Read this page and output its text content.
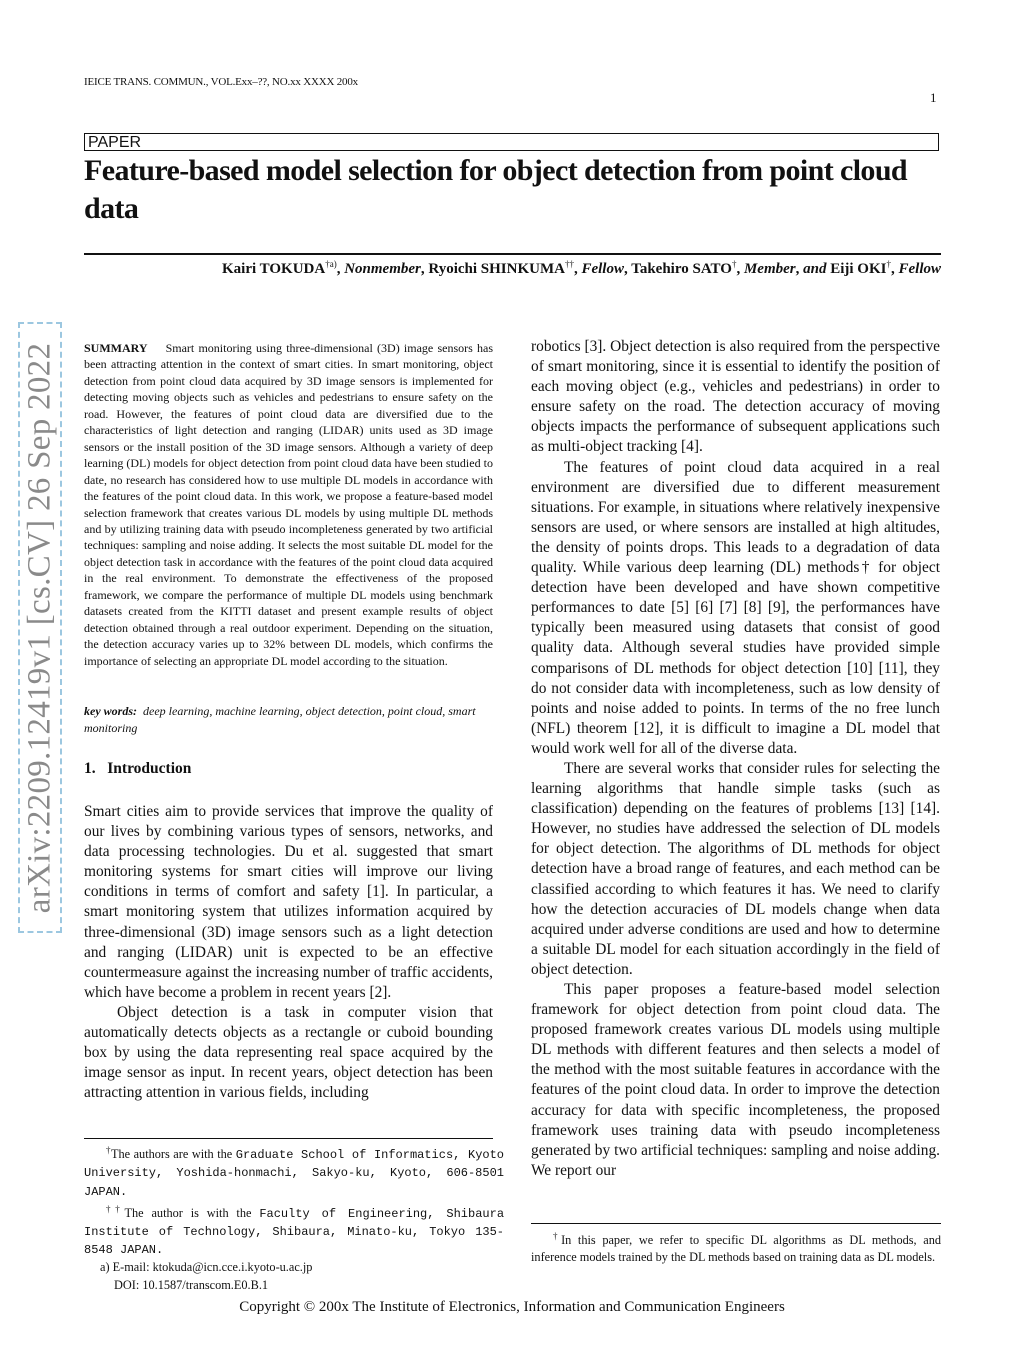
IEICE TRANS. COMMUN., VOL.Exx–??, NO.xx XXXX 200x
1
PAPER
Feature-based model selection for object detection from point cloud data
Kairi TOKUDA$^{\dagger a)}$, Nonmember, Ryoichi SHINKUMA††, Fellow, Takehiro SATO†, Member, and Eiji OKI†, Fellow
arXiv:2209.12419v1 [cs.CV] 26 Sep 2022 SUMMARY Smart monitoring using three-dimensional (3D) image sensors has been attracting attention in the context of smart cities. In smart monitoring, object detection from point cloud data acquired by 3D image sensors is implemented for detecting moving objects such as vehicles and pedestrians to ensure safety on the road. However, the features of point cloud data are diversified due to the characteristics of light detection and ranging (LIDAR) units used as 3D image sensors or the install position of the 3D image sensors. Although a variety of deep learning (DL) models for object detection from point cloud data have been studied to date, no research has considered how to use multiple DL models in accordance with the features of the point cloud data. In this work, we propose a feature-based model selection framework that creates various DL models by using multiple DL methods and by utilizing training data with pseudo incompleteness generated by two artificial techniques: sampling and noise adding. It selects the most suitable DL model for the object detection task in accordance with the features of the point cloud data acquired in the real environment. To demonstrate the effectiveness of the proposed framework, we compare the performance of multiple DL models using benchmark datasets created from the KITTI dataset and present example results of object detection obtained through a real outdoor experiment. Depending on the situation, the detection accuracy varies up to 32% between DL models, which confirms the importance of selecting an appropriate DL model according to the situation.
key words: deep learning, machine learning, object detection, point cloud, smart monitoring
1. Introduction

Smart cities aim to provide services that improve the quality of our lives by combining various types of sensors, networks, and data processing technologies. Du et al. suggested that smart monitoring systems for smart cities will improve our living conditions in terms of comfort and safety [1]. In particular, a smart monitoring system that utilizes information acquired by three-dimensional (3D) image sensors such as a light detection and ranging (LIDAR) unit is expected to be an effective countermeasure against the increasing number of traffic accidents, which have become a problem in recent years [2].

Object detection is a task in computer vision that automatically detects objects as a rectangle or cuboid bounding box by using the data representing real space acquired by the image sensor as input. In recent years, object detection has been attracting attention in various fields, including

†The authors are with the Graduate School of Informatics, Kyoto University, Yoshida-honmachi, Sakyo-ku, Kyoto, 606-8501 JAPAN.
††The author is with the Faculty of Engineering, Shibaura Institute of Technology, Shibaura, Minato-ku, Tokyo 135-8548 JAPAN.
a) E-mail: ktokuda@icn.cce.i.kyoto-u.ac.jp
DOI: 10.1587/transcom.E0.B.1

robotics [3]. Object detection is also required from the perspective of smart monitoring, since it is essential to identify the position of each moving object (e.g., vehicles and pedestrians) in order to ensure safety on the road. The detection accuracy of moving objects impacts the performance of subsequent applications such as multi-object tracking [4].

The features of point cloud data acquired in a real environment are diversified due to different measurement situations. For example, in situations where relatively inexpensive sensors are used, or where sensors are installed at high altitudes, the density of points drops. This leads to a degradation of data quality. While various deep learning (DL) methods† for object detection have been developed and have shown competitive performances to date [5] [6] [7] [8] [9], the performances have typically been measured using datasets that consist of good quality data. Although several studies have provided simple comparisons of DL methods for object detection [10] [11], they do not consider data with incompleteness, such as low density of points and noise added to points. In terms of the no free lunch (NFL) theorem [12], it is difficult to imagine a DL model that would work well for all of the diverse data.

There are several works that consider rules for selecting the learning algorithms that handle simple tasks (such as classification) depending on the features of problems [13] [14]. However, no studies have addressed the selection of DL models for object detection. The algorithms of DL methods for object detection have a broad range of features, and each method can be classified according to which features it has. We need to clarify how the detection accuracies of DL models change when data acquired under adverse conditions are used and how to determine a suitable DL model for each situation accordingly in the field of object detection.

This paper proposes a feature-based model selection framework for object detection from point cloud data. The proposed framework creates various DL models using multiple DL methods with different features and then selects a model of the method with the most suitable features in accordance with the features of the point cloud data. In order to improve the detection accuracy for data with specific incompleteness, the proposed framework uses training data with pseudo incompleteness generated by two artificial techniques: sampling and noise adding. We report our

†In this paper, we refer to specific DL algorithms as DL methods, and inference models trained by the DL methods based on training data as DL models.
Copyright © 200x The Institute of Electronics, Information and Communication Engineers
